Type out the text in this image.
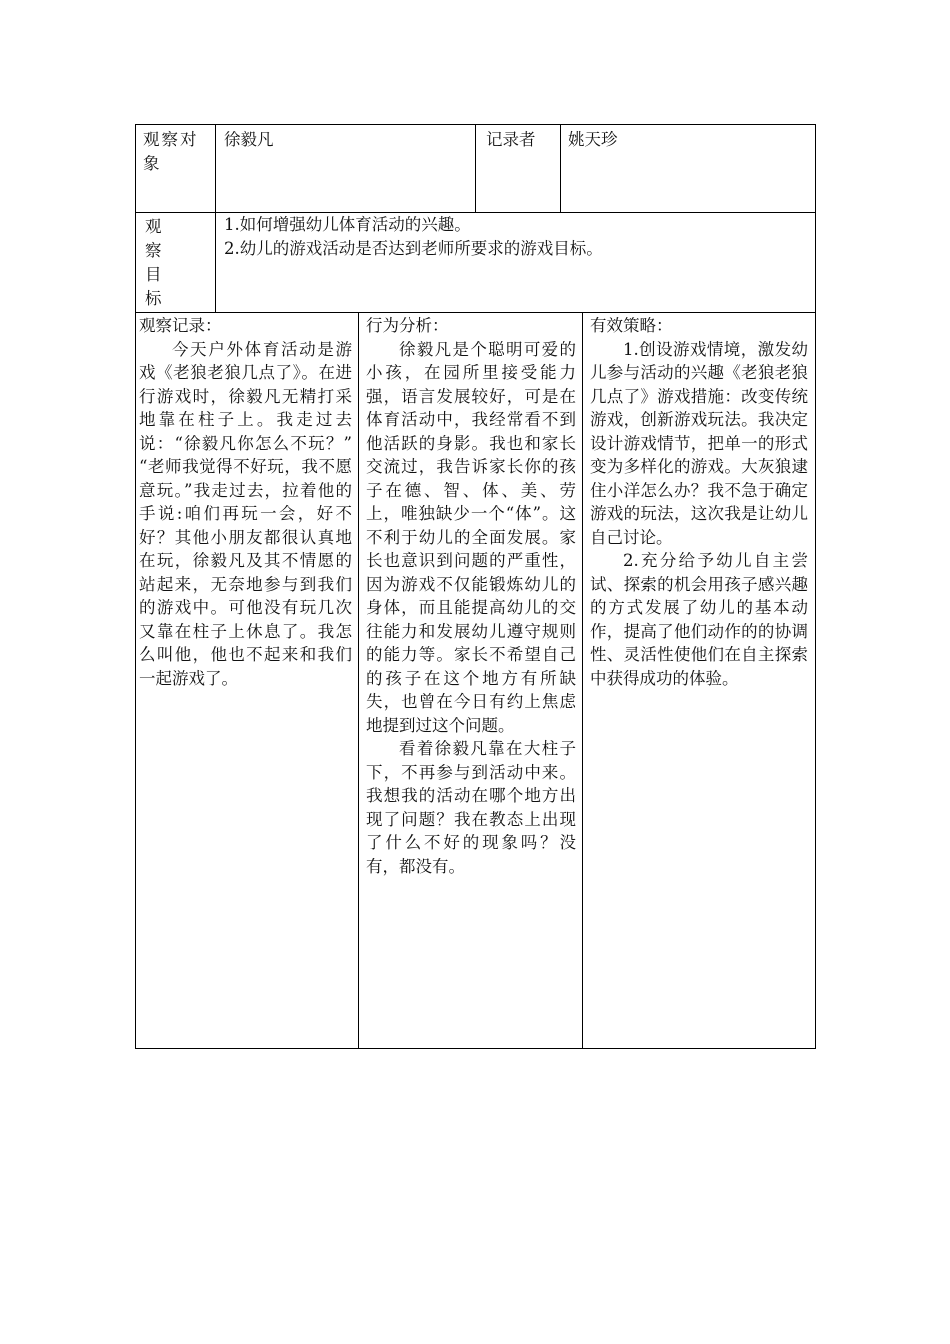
观察对象
徐毅凡	记录者	姚天珍
观
察
目
标
1.如何增强幼儿体育活动的兴趣。
2.幼儿的游戏活动是否达到老师所要求的游戏目标。
观察记录：

今天户外体育活动是游戏《老狼老狼几点了》。在进行游戏时，徐毅凡无精打采地靠在柱子上。我走过去说：“徐毅凡你怎么不玩？” “老师我觉得不好玩，我不愿意玩。”我走过去，拉着他的手说:咱们再玩一会，好不好？其他小朋友都很认真地在玩，徐毅凡及其不情愿的站起来，无奈地参与到我们的游戏中。可他没有玩几次又靠在柱子上休息了。我怎么叫他，他也不起来和我们一起游戏了。

行为分析：

徐毅凡是个聪明可爱的小孩，在园所里接受能力强，语言发展较好，可是在体育活动中，我经常看不到他活跃的身影。我也和家长交流过，我告诉家长你的孩子在德、智、体、美、劳上，唯独缺少一个“体”。这不利于幼儿的全面发展。家长也意识到问题的严重性，因为游戏不仅能锻炼幼儿的身体，而且能提高幼儿的交往能力和发展幼儿遵守规则的能力等。家长不希望自己的孩子在这个地方有所缺失，也曾在今日有约上焦虑地提到过这个问题。

看着徐毅凡靠在大柱子下，不再参与到活动中来。我想我的活动在哪个地方出现了问题？我在教态上出现了什么不好的现象吗？没有，都没有。

有效策略：

1.创设游戏情境，激发幼儿参与活动的兴趣《老狼老狼几点了》游戏措施：改变传统游戏，创新游戏玩法。我决定设计游戏情节，把单一的形式变为多样化的游戏。大灰狼逮住小洋怎么办？我不急于确定游戏的玩法，这次我是让幼儿自己讨论。

2.充分给予幼儿自主尝试、探索的机会用孩子感兴趣的方式发展了幼儿的基本动作，提高了他们动作的的协调性、灵活性使他们在自主探索中获得成功的体验。
